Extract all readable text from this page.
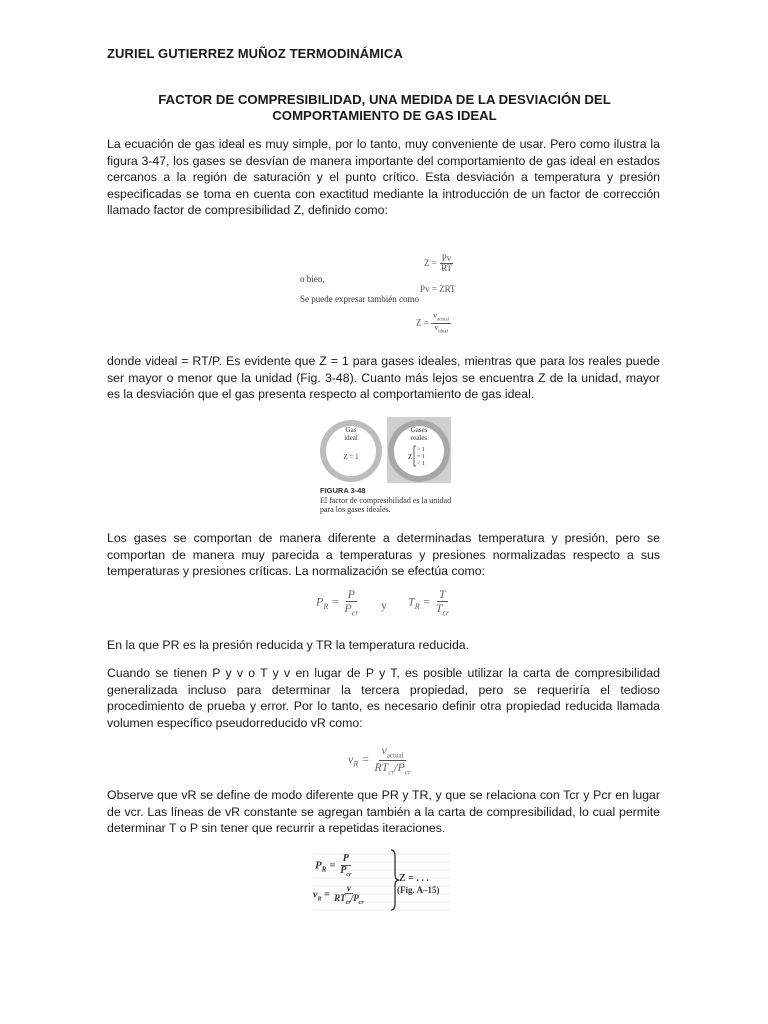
ZURIEL GUTIERREZ MUÑOZ TERMODINÁMICA
FACTOR DE COMPRESIBILIDAD, UNA MEDIDA DE LA DESVIACIÓN DEL
COMPORTAMIENTO DE GAS IDEAL

La ecuación de gas ideal es muy simple, por lo tanto, muy conveniente de usar. Pero como ilustra la figura 3-47, los gases se desvían de manera importante del comportamiento de gas ideal en estados cercanos a la región de saturación y el punto crítico. Esta desviación a temperatura y presión especificadas se toma en cuenta con exactitud mediante la introducción de un factor de corrección llamado factor de compresibilidad Z, definido como:

$Z = \frac{Pv}{RT}$
o bien,
Pv = ZRT
Se puede expresar también como
$Z = \frac{v_{actual}}{v_{ideal}}$

donde videal = RT/P. Es evidente que Z = 1 para gases ideales, mientras que para los reales puede ser mayor o menor que la unidad (Fig. 3-48). Cuanto más lejos se encuentra Z de la unidad, mayor es la desviación que el gas presenta respecto al comportamiento de gas ideal.

Gas
ideal
Z = 1
Gases
reales
Z
> 1
= 1
< 1
FIGURA 3-48
El factor de compresibilidad es la unidad
para los gases ideales.

Los gases se comportan de manera diferente a determinadas temperatura y presión, pero se comportan de manera muy parecida a temperaturas y presiones normalizadas respecto a sus temperaturas y presiones críticas. La normalización se efectúa como:

$P_R = \frac{P}{P_{cr}}$ y $T_R = \frac{T}{T_{cr}}$

En la que PR es la presión reducida y TR la temperatura reducida.

Cuando se tienen P y v o T y v en lugar de P y T, es posible utilizar la carta de compresibilidad generalizada incluso para determinar la tercera propiedad, pero se requeriría el tedioso procedimiento de prueba y error. Por lo tanto, es necesario definir otra propiedad reducida llamada volumen específico pseudorreducido vR como:

$v_R = \frac{v_{actual}}{RT_{cr}/P_{cr}}$

Observe que vR se define de modo diferente que PR y TR, y que se relaciona con Tcr y Pcr en lugar de vcr. Las líneas de vR constante se agregan también a la carta de compresibilidad, lo cual permite determinar T o P sin tener que recurrir a repetidas iteraciones.

$P_R = \frac{P}{P_{cr}}$
$v_R = \frac{v}{RT_{cr}/P_{cr}}$
Z = . . .
(Fig. A–15)
